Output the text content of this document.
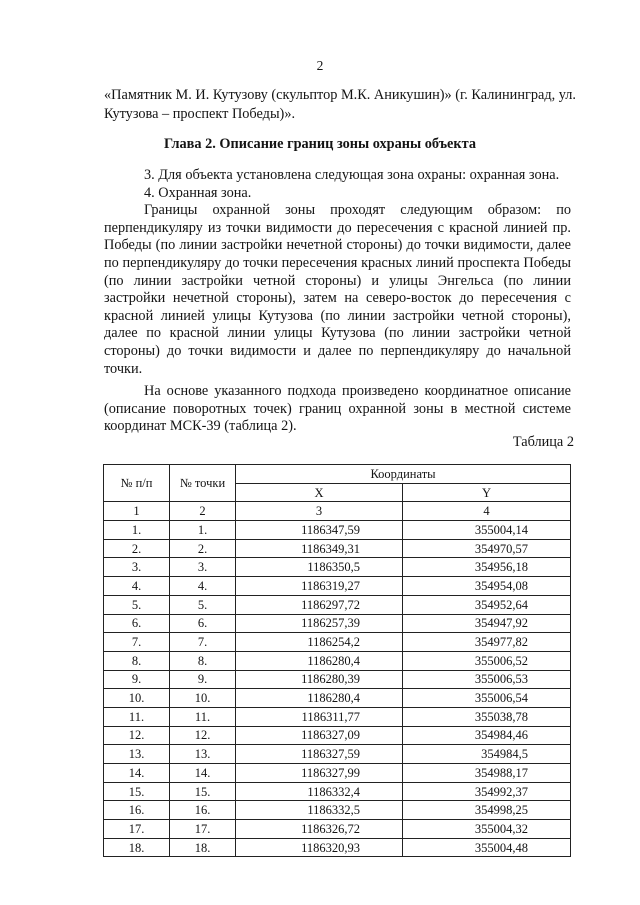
2
«Памятник М. И. Кутузову (скульптор М.К. Аникушин)» (г. Калининград, ул. Кутузова – проспект Победы)».
Глава 2. Описание границ зоны охраны объекта

3. Для объекта установлена следующая зона охраны: охранная зона.

4. Охранная зона.

Границы охранной зоны проходят следующим образом: по перпендикуляру из точки видимости до пересечения с красной линией пр. Победы (по линии застройки нечетной стороны) до точки видимости, далее по перпендикуляру до точки пересечения красных линий проспекта Победы (по линии застройки четной стороны) и улицы Энгельса (по линии застройки нечетной стороны), затем на северо-восток до пересечения с красной линией улицы Кутузова (по линии застройки четной стороны), далее по красной линии улицы Кутузова (по линии застройки четной стороны) до точки видимости и далее по перпендикуляру до начальной точки.

На основе указанного подхода произведено координатное описание (описание поворотных точек) границ охранной зоны в местной системе координат МСК-39 (таблица 2).

Таблица 2
№ п/п	№ точки	Координаты	
		X	Y
1	2	3	4
1.	1.	1186347,59	355004,14
2.	2.	1186349,31	354970,57
3.	3.	1186350,5	354956,18
4.	4.	1186319,27	354954,08
5.	5.	1186297,72	354952,64
6.	6.	1186257,39	354947,92
7.	7.	1186254,2	354977,82
8.	8.	1186280,4	355006,52
9.	9.	1186280,39	355006,53
10.	10.	1186280,4	355006,54
11.	11.	1186311,77	355038,78
12.	12.	1186327,09	354984,46
13.	13.	1186327,59	354984,5
14.	14.	1186327,99	354988,17
15.	15.	1186332,4	354992,37
16.	16.	1186332,5	354998,25
17.	17.	1186326,72	355004,32
18.	18.	1186320,93	355004,48
